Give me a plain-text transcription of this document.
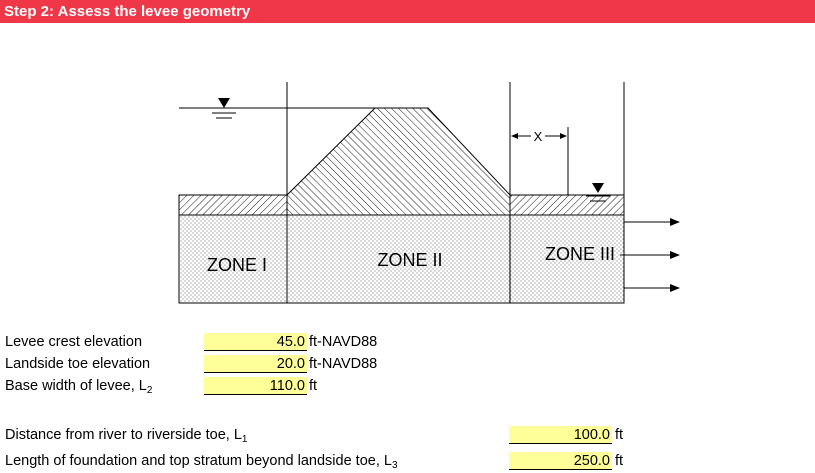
Step 2: Assess the levee geometry
X
ZONE I	ZONE II	ZONE III
Levee crest elevation	45.0 ft-NAVD88
Landside toe elevation	20.0 ft-NAVD88
Base width of levee, $L_2$	110.0 ft
Distance from river to riverside toe, $L_1$	100.0 ft
Length of foundation and top stratum beyond landside toe, $L_3$	250.0 ft
